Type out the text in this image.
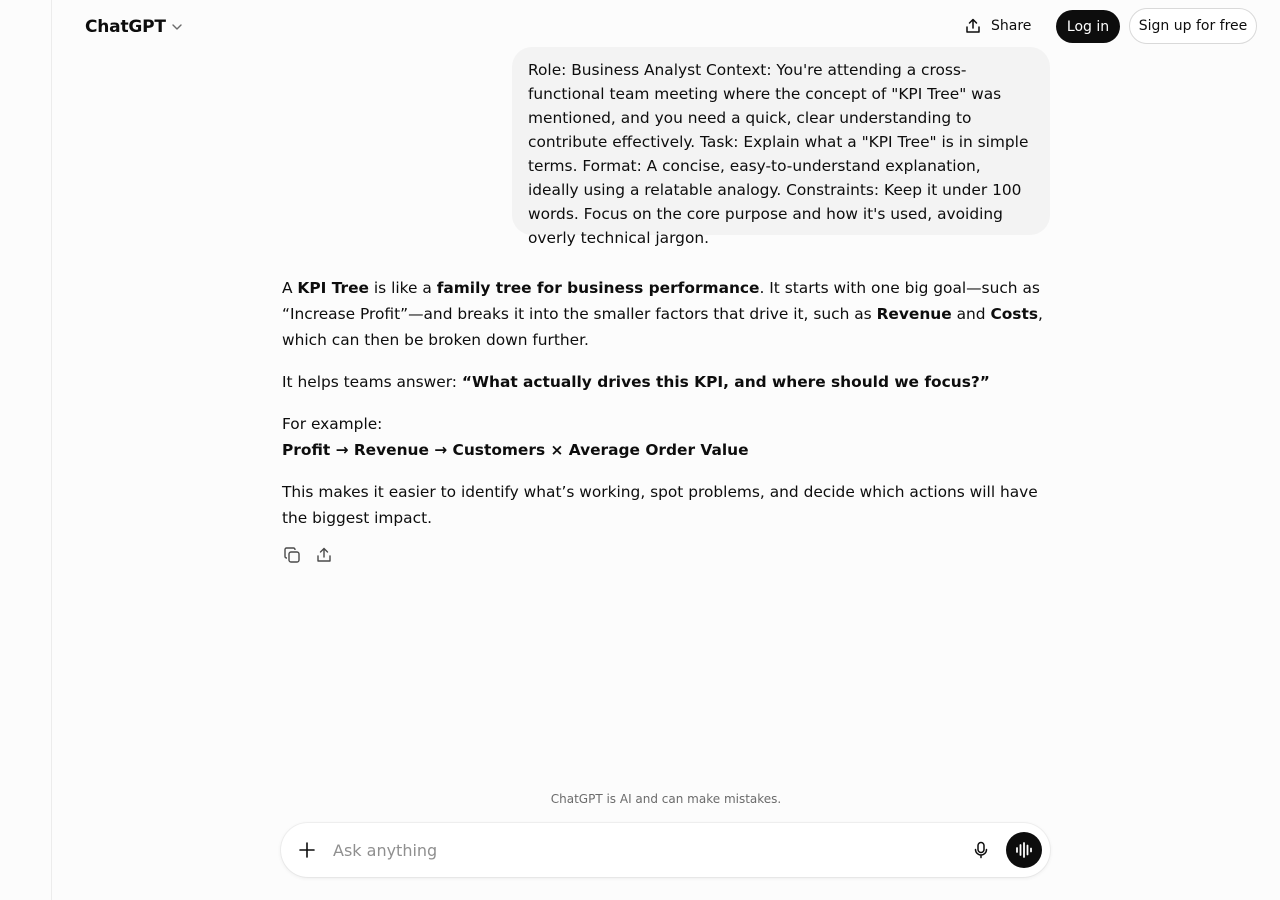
ChatGPT	Share	Log in	Sign up for free
Role: Business Analyst Context: You're attending a cross-functional team meeting where the concept of "KPI Tree" was mentioned, and you need a quick, clear understanding to contribute effectively. Task: Explain what a "KPI Tree" is in simple terms. Format: A concise, easy-to-understand explanation, ideally using a relatable analogy. Constraints: Keep it under 100 words. Focus on the core purpose and how it's used, avoiding overly technical jargon.

A KPI Tree is like a family tree for business performance. It starts with one big goal—such as “Increase Profit”—and breaks it into the smaller factors that drive it, such as Revenue and Costs, which can then be broken down further.

It helps teams answer: “What actually drives this KPI, and where should we focus?”

For example:
Profit → Revenue → Customers × Average Order Value

This makes it easier to identify what’s working, spot problems, and decide which actions will have the biggest impact.

ChatGPT is AI and can make mistakes.
Ask anything
